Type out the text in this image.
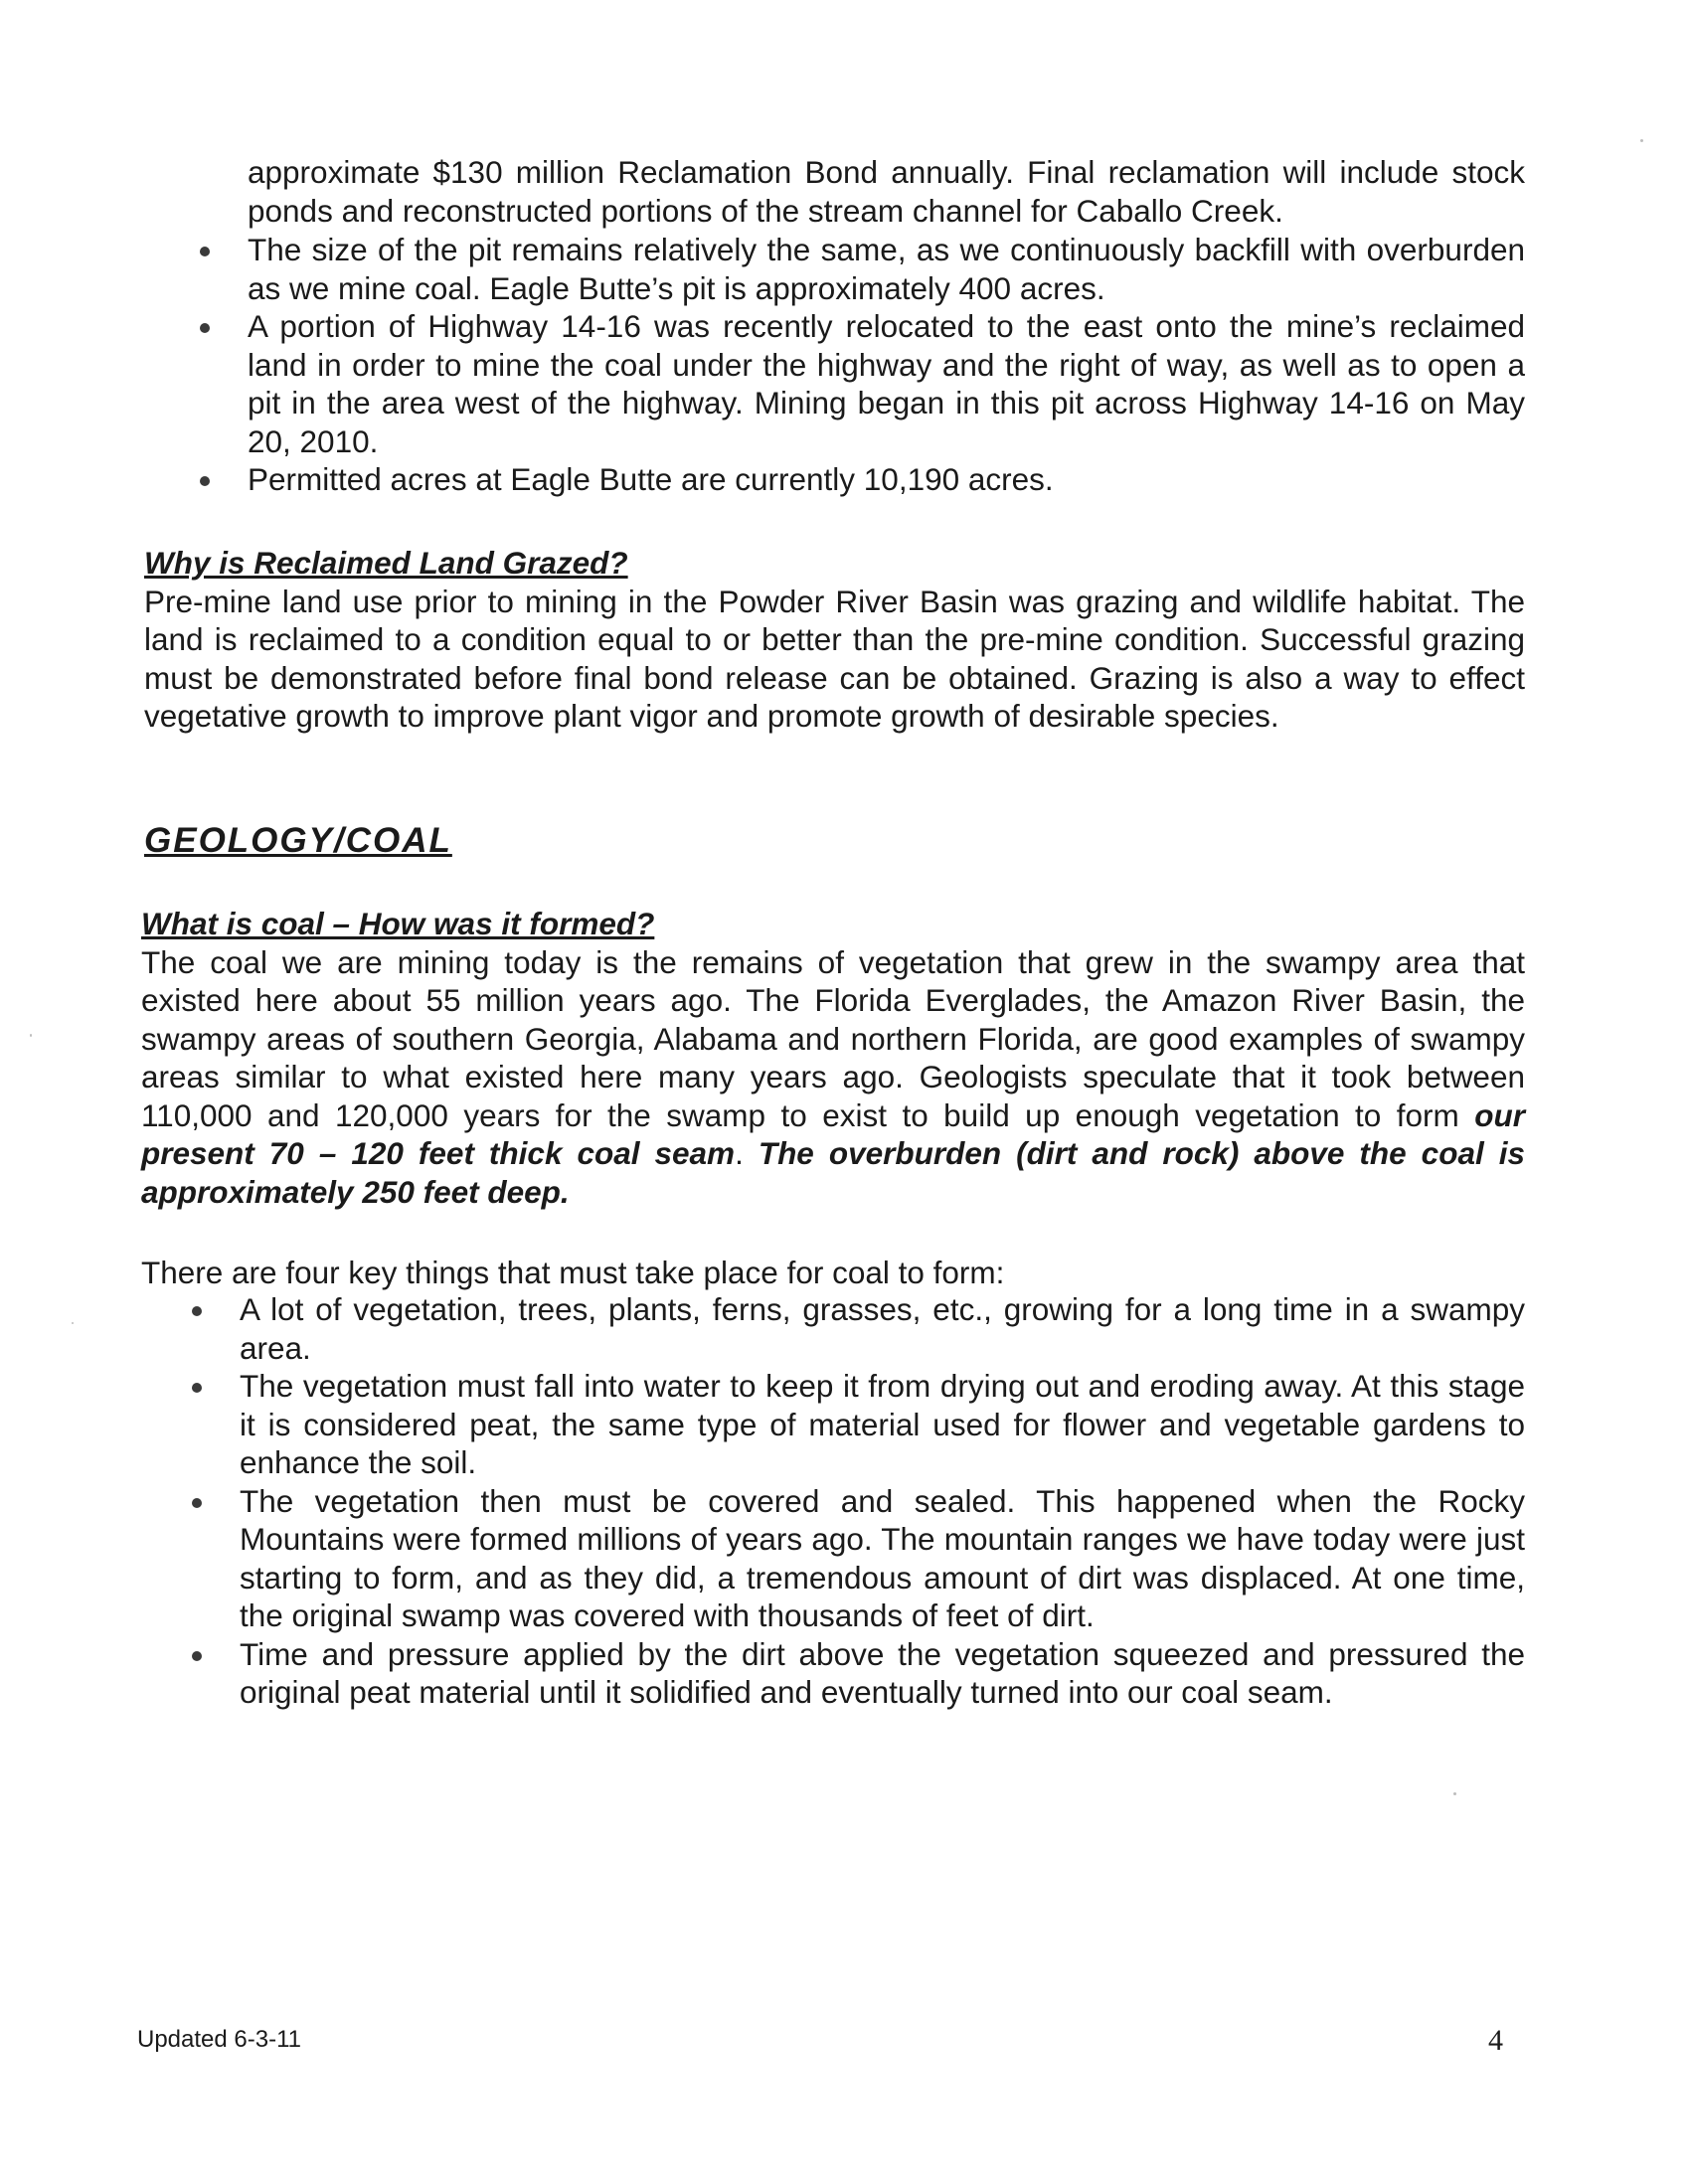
approximate $130 million Reclamation Bond annually. Final reclamation will include stock ponds and reconstructed portions of the stream channel for Caballo Creek.
The size of the pit remains relatively the same, as we continuously backfill with overburden as we mine coal. Eagle Butte’s pit is approximately 400 acres.
A portion of Highway 14-16 was recently relocated to the east onto the mine’s reclaimed land in order to mine the coal under the highway and the right of way, as well as to open a pit in the area west of the highway. Mining began in this pit across Highway 14-16 on May 20, 2010.
Permitted acres at Eagle Butte are currently 10,190 acres.
Why is Reclaimed Land Grazed?
Pre-mine land use prior to mining in the Powder River Basin was grazing and wildlife habitat. The land is reclaimed to a condition equal to or better than the pre-mine condition. Successful grazing must be demonstrated before final bond release can be obtained. Grazing is also a way to effect vegetative growth to improve plant vigor and promote growth of desirable species.
GEOLOGY/COAL
What is coal – How was it formed?
The coal we are mining today is the remains of vegetation that grew in the swampy area that existed here about 55 million years ago. The Florida Everglades, the Amazon River Basin, the swampy areas of southern Georgia, Alabama and northern Florida, are good examples of swampy areas similar to what existed here many years ago. Geologists speculate that it took between 110,000 and 120,000 years for the swamp to exist to build up enough vegetation to form our present 70 – 120 feet thick coal seam. The overburden (dirt and rock) above the coal is approximately 250 feet deep.
There are four key things that must take place for coal to form:
A lot of vegetation, trees, plants, ferns, grasses, etc., growing for a long time in a swampy area.
The vegetation must fall into water to keep it from drying out and eroding away. At this stage it is considered peat, the same type of material used for flower and vegetable gardens to enhance the soil.
The vegetation then must be covered and sealed. This happened when the Rocky Mountains were formed millions of years ago. The mountain ranges we have today were just starting to form, and as they did, a tremendous amount of dirt was displaced. At one time, the original swamp was covered with thousands of feet of dirt.
Time and pressure applied by the dirt above the vegetation squeezed and pressured the original peat material until it solidified and eventually turned into our coal seam.
Updated 6-3-11	4
